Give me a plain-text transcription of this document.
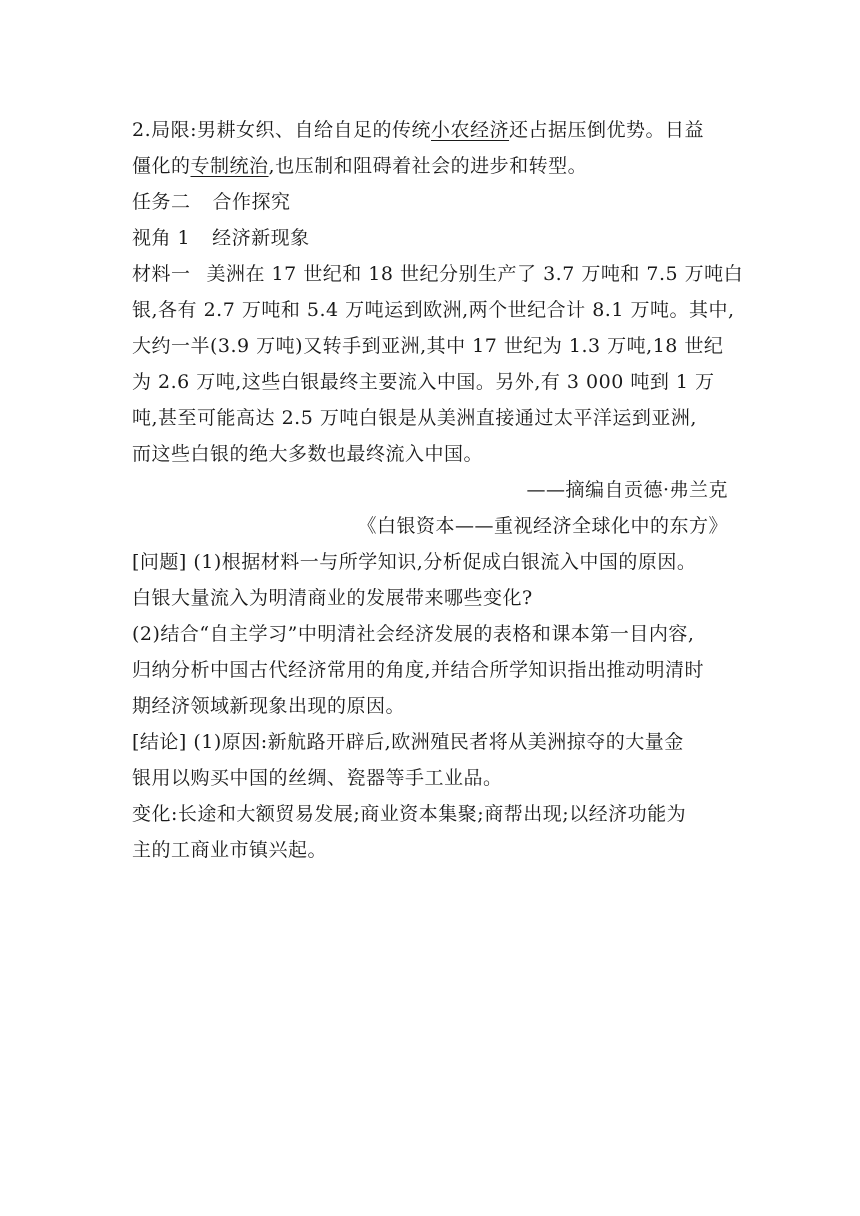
2.局限:男耕女织、自给自足的传统小农经济还占据压倒优势。日益
僵化的专制统治,也压制和阻碍着社会的进步和转型。
任务二 合作探究
视角 1 经济新现象
材料一 美洲在 17 世纪和 18 世纪分别生产了 3.7 万吨和 7.5 万吨白
银,各有 2.7 万吨和 5.4 万吨运到欧洲,两个世纪合计 8.1 万吨。其中,
大约一半(3.9 万吨)又转手到亚洲,其中 17 世纪为 1.3 万吨,18 世纪
为 2.6 万吨,这些白银最终主要流入中国。另外,有 3 000 吨到 1 万
吨,甚至可能高达 2.5 万吨白银是从美洲直接通过太平洋运到亚洲,
而这些白银的绝大多数也最终流入中国。
——摘编自贡德·弗兰克
《白银资本——重视经济全球化中的东方》
[问题] (1)根据材料一与所学知识,分析促成白银流入中国的原因。
白银大量流入为明清商业的发展带来哪些变化?
(2)结合“自主学习”中明清社会经济发展的表格和课本第一目内容,
归纳分析中国古代经济常用的角度,并结合所学知识指出推动明清时
期经济领域新现象出现的原因。
[结论] (1)原因:新航路开辟后,欧洲殖民者将从美洲掠夺的大量金
银用以购买中国的丝绸、瓷器等手工业品。
变化:长途和大额贸易发展;商业资本集聚;商帮出现;以经济功能为
主的工商业市镇兴起。
